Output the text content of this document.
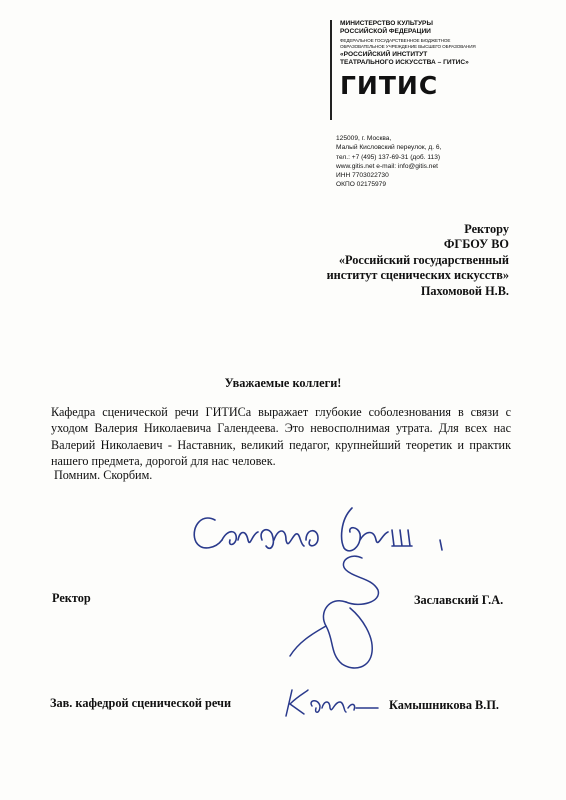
МИНИСТЕРСТВО КУЛЬТУРЫ
РОССИЙСКОЙ ФЕДЕРАЦИИ
ФЕДЕРАЛЬНОЕ ГОСУДАРСТВЕННОЕ БЮДЖЕТНОЕ
ОБРАЗОВАТЕЛЬНОЕ УЧРЕЖДЕНИЕ ВЫСШЕГО ОБРАЗОВАНИЯ
«РОССИЙСКИЙ ИНСТИТУТ
ТЕАТРАЛЬНОГО ИСКУССТВА – ГИТИС»
ГИТИС
125009, г. Москва,
Малый Кисловский переулок, д. 6,
тел.: +7 (495) 137-69-31 (доб. 113)
www.gitis.net e-mail: info@gitis.net
ИНН 7703022730
ОКПО 02175979
Ректору
ФГБОУ ВО
«Российский государственный
институт сценических искусств»
Пахомовой Н.В.
Уважаемые коллеги!

Кафедра сценической речи ГИТИСа выражает глубокие соболезнования в связи с уходом Валерия Николаевича Галендеева. Это невосполнимая утрата. Для всех нас Валерий Николаевич - Наставник, великий педагог, крупнейший теоретик и практик нашего предмета, дорогой для нас человек.

Помним. Скорбим.
Ректор	Заславский Г.А.
Зав. кафедрой сценической речи	Камышникова В.П.
